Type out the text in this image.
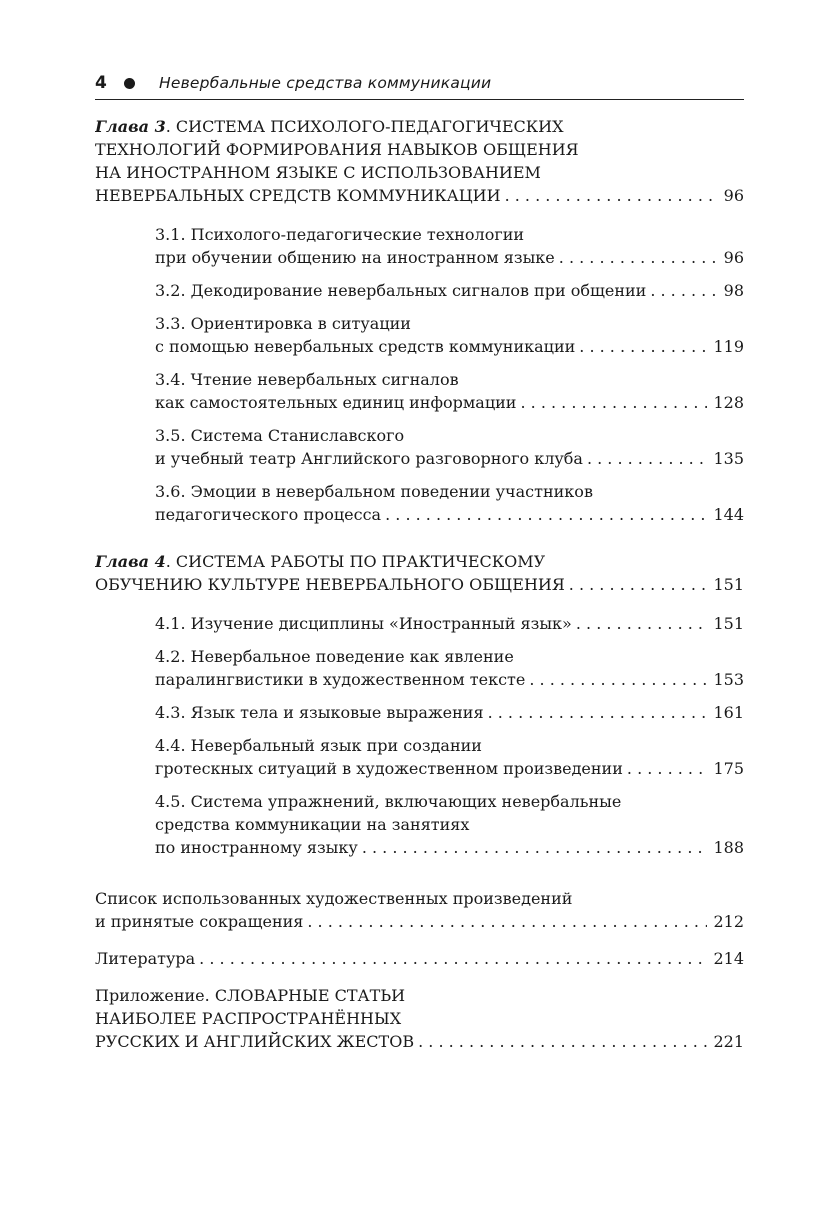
4	Невербальные средства коммуникации
Глава 3. СИСТЕМА ПСИХОЛОГО-ПЕДАГОГИЧЕСКИХ
ТЕХНОЛОГИЙ ФОРМИРОВАНИЯ НАВЫКОВ ОБЩЕНИЯ
НА ИНОСТРАННОМ ЯЗЫКЕ С ИСПОЛЬЗОВАНИЕМ
НЕВЕРБАЛЬНЫХ СРЕДСТВ КОММУНИКАЦИИ . . .	96
3.1. Психолого-педагогические технологии
при обучении общению на иностранном языке . . .	96
3.2. Декодирование невербальных сигналов при общении . . .	98
3.3. Ориентировка в ситуации
с помощью невербальных средств коммуникации . . .	119
3.4. Чтение невербальных сигналов
как самостоятельных единиц информации . . .	128
3.5. Система Станиславского
и учебный театр Английского разговорного клуба . . .	135
3.6. Эмоции в невербальном поведении участников
педагогического процесса . . .	144
Глава 4. СИСТЕМА РАБОТЫ ПО ПРАКТИЧЕСКОМУ
ОБУЧЕНИЮ КУЛЬТУРЕ НЕВЕРБАЛЬНОГО ОБЩЕНИЯ . . .	151
4.1. Изучение дисциплины «Иностранный язык» . . .	151
4.2. Невербальное поведение как явление
паралингвистики в художественном тексте . . .	153
4.3. Язык тела и языковые выражения . . .	161
4.4. Невербальный язык при создании
гротескных ситуаций в художественном произведении . . .	175
4.5. Система упражнений, включающих невербальные
средства коммуникации на занятиях
по иностранному языку . . .	188
Список использованных художественных произведений
и принятые сокращения . . .	212
Литература . . .	214
Приложение. СЛОВАРНЫЕ СТАТЬИ
НАИБОЛЕЕ РАСПРОСТРАНЁННЫХ
РУССКИХ И АНГЛИЙСКИХ ЖЕСТОВ . . .	221
